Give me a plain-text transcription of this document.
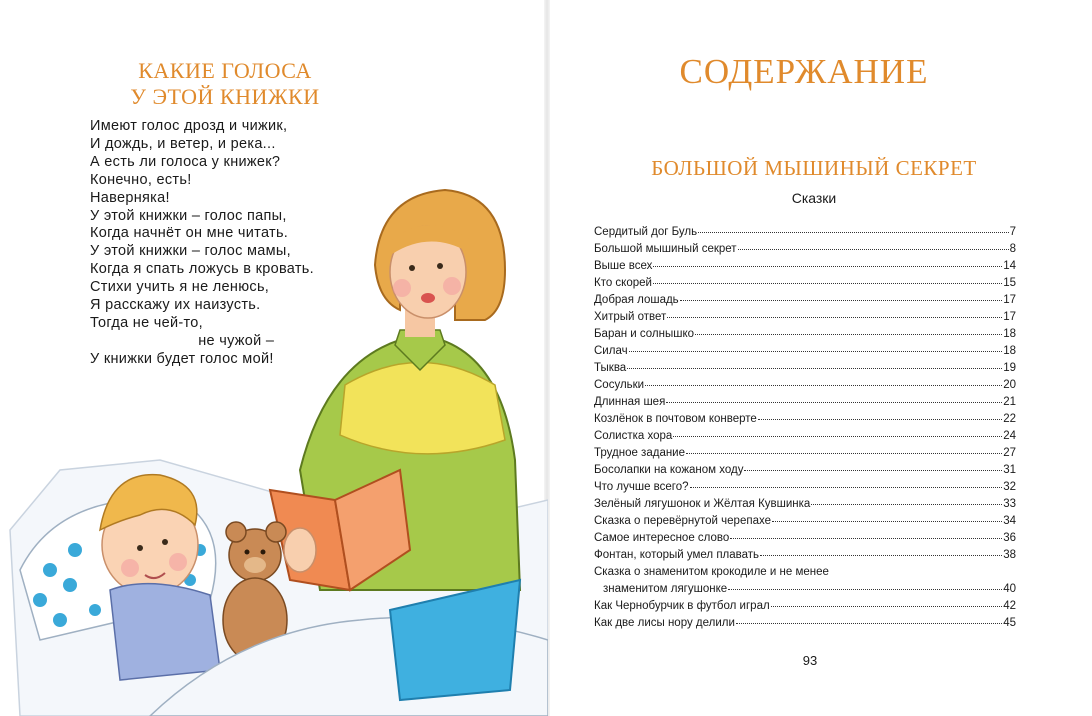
КАКИЕ ГОЛОСА
У ЭТОЙ КНИЖКИ
Имеют голос дрозд и чижик,
И дождь, и ветер, и река...
А есть ли голоса у книжек?
Конечно, есть!
Наверняка!
У этой книжки – голос папы,
Когда начнёт он мне читать.
У этой книжки – голос мамы,
Когда я спать ложусь в кровать.
Стихи учить я не ленюсь,
Я расскажу их наизусть.
Тогда не чей-то,
не чужой –
У книжки будет голос мой!
СОДЕРЖАНИЕ
БОЛЬШОЙ МЫШИНЫЙ СЕКРЕТ
Сказки
Сердитый дог Буль	7
Большой мышиный секрет	8
Выше всех	14
Кто скорей	15
Добрая лошадь	17
Хитрый ответ	17
Баран и солнышко	18
Силач	18
Тыква	19
Сосульки	20
Длинная шея	21
Козлёнок в почтовом конверте	22
Солистка хора	24
Трудное задание	27
Босолапки на кожаном ходу	31
Что лучше всего?	32
Зелёный лягушонок и Жёлтая Кувшинка	33
Сказка о перевёрнутой черепахе	34
Самое интересное слово	36
Фонтан, который умел плавать	38
Сказка о знаменитом крокодиле и не менее
знаменитом лягушонке	40
Как Чернобурчик в футбол играл	42
Как две лисы нору делили	45
93
